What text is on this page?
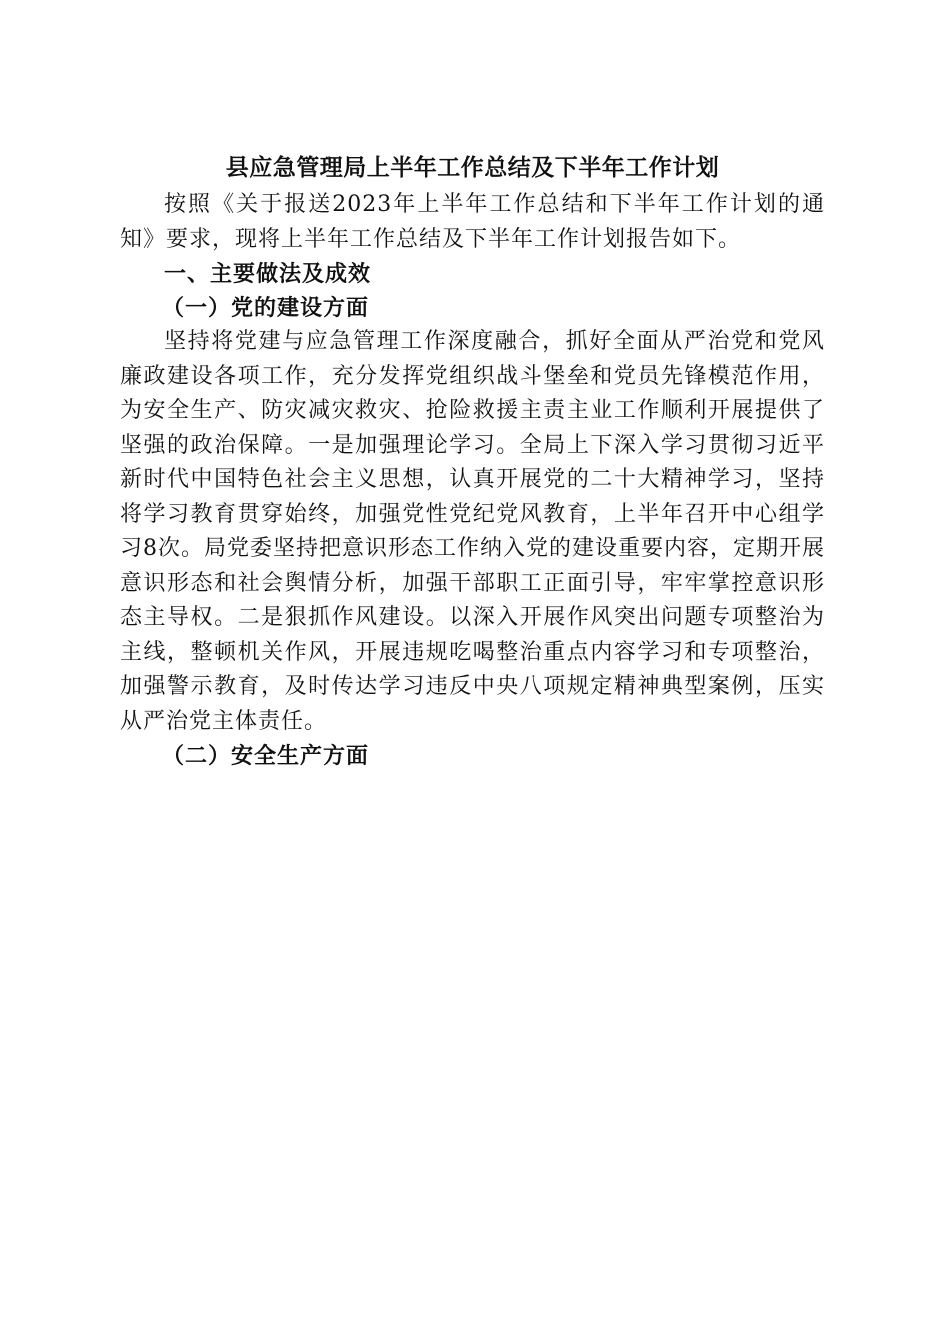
县应急管理局上半年工作总结及下半年工作计划

按照《关于报送2023年上半年工作总结和下半年工作计划的通知》要求，现将上半年工作总结及下半年工作计划报告如下。

一、主要做法及成效

（一）党的建设方面

坚持将党建与应急管理工作深度融合，抓好全面从严治党和党风廉政建设各项工作，充分发挥党组织战斗堡垒和党员先锋模范作用，为安全生产、防灾减灾救灾、抢险救援主责主业工作顺利开展提供了坚强的政治保障。一是加强理论学习。全局上下深入学习贯彻习近平新时代中国特色社会主义思想，认真开展党的二十大精神学习，坚持将学习教育贯穿始终，加强党性党纪党风教育，上半年召开中心组学习8次。局党委坚持把意识形态工作纳入党的建设重要内容，定期开展意识形态和社会舆情分析，加强干部职工正面引导，牢牢掌控意识形态主导权。二是狠抓作风建设。以深入开展作风突出问题专项整治为主线，整顿机关作风，开展违规吃喝整治重点内容学习和专项整治，加强警示教育，及时传达学习违反中央八项规定精神典型案例，压实从严治党主体责任。

（二）安全生产方面
